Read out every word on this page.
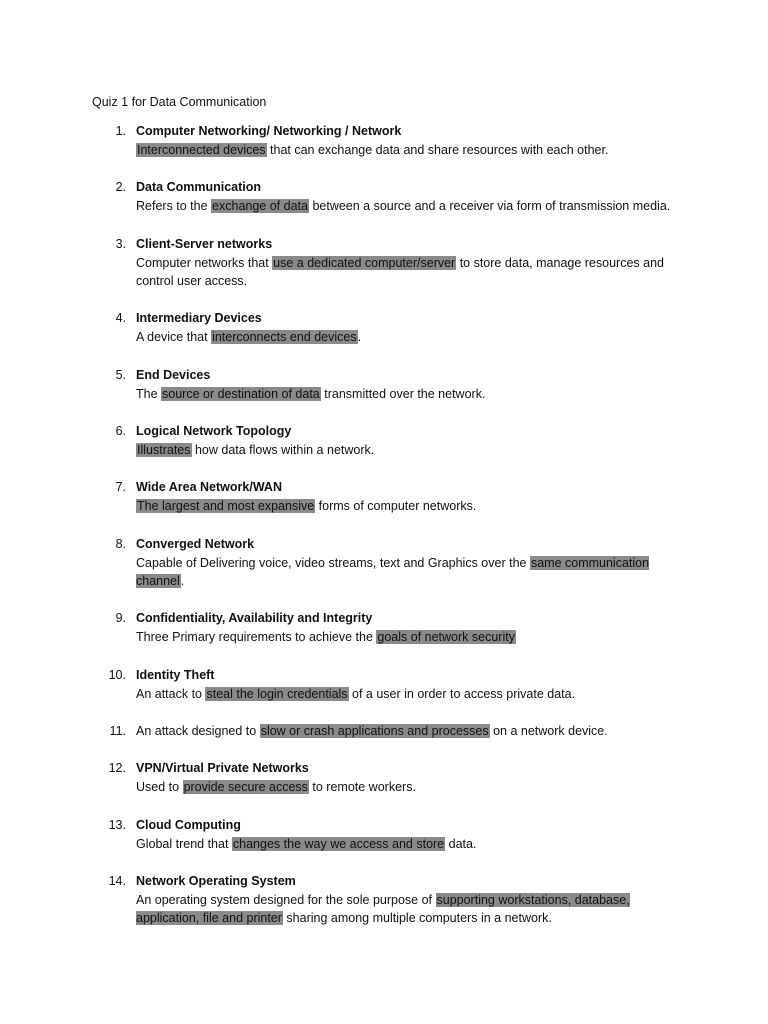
Quiz 1 for Data Communication
1. Computer Networking/ Networking / Network
Interconnected devices that can exchange data and share resources with each other.
2. Data Communication
Refers to the exchange of data between a source and a receiver via form of transmission media.
3. Client-Server networks
Computer networks that use a dedicated computer/server to store data, manage resources and control user access.
4. Intermediary Devices
A device that interconnects end devices.
5. End Devices
The source or destination of data transmitted over the network.
6. Logical Network Topology
Illustrates how data flows within a network.
7. Wide Area Network/WAN
The largest and most expansive forms of computer networks.
8. Converged Network
Capable of Delivering voice, video streams, text and Graphics over the same communication channel.
9. Confidentiality, Availability and Integrity
Three Primary requirements to achieve the goals of network security
10. Identity Theft
An attack to steal the login credentials of a user in order to access private data.
11. An attack designed to slow or crash applications and processes on a network device.
12. VPN/Virtual Private Networks
Used to provide secure access to remote workers.
13. Cloud Computing
Global trend that changes the way we access and store data.
14. Network Operating System
An operating system designed for the sole purpose of supporting workstations, database, application, file and printer sharing among multiple computers in a network.
